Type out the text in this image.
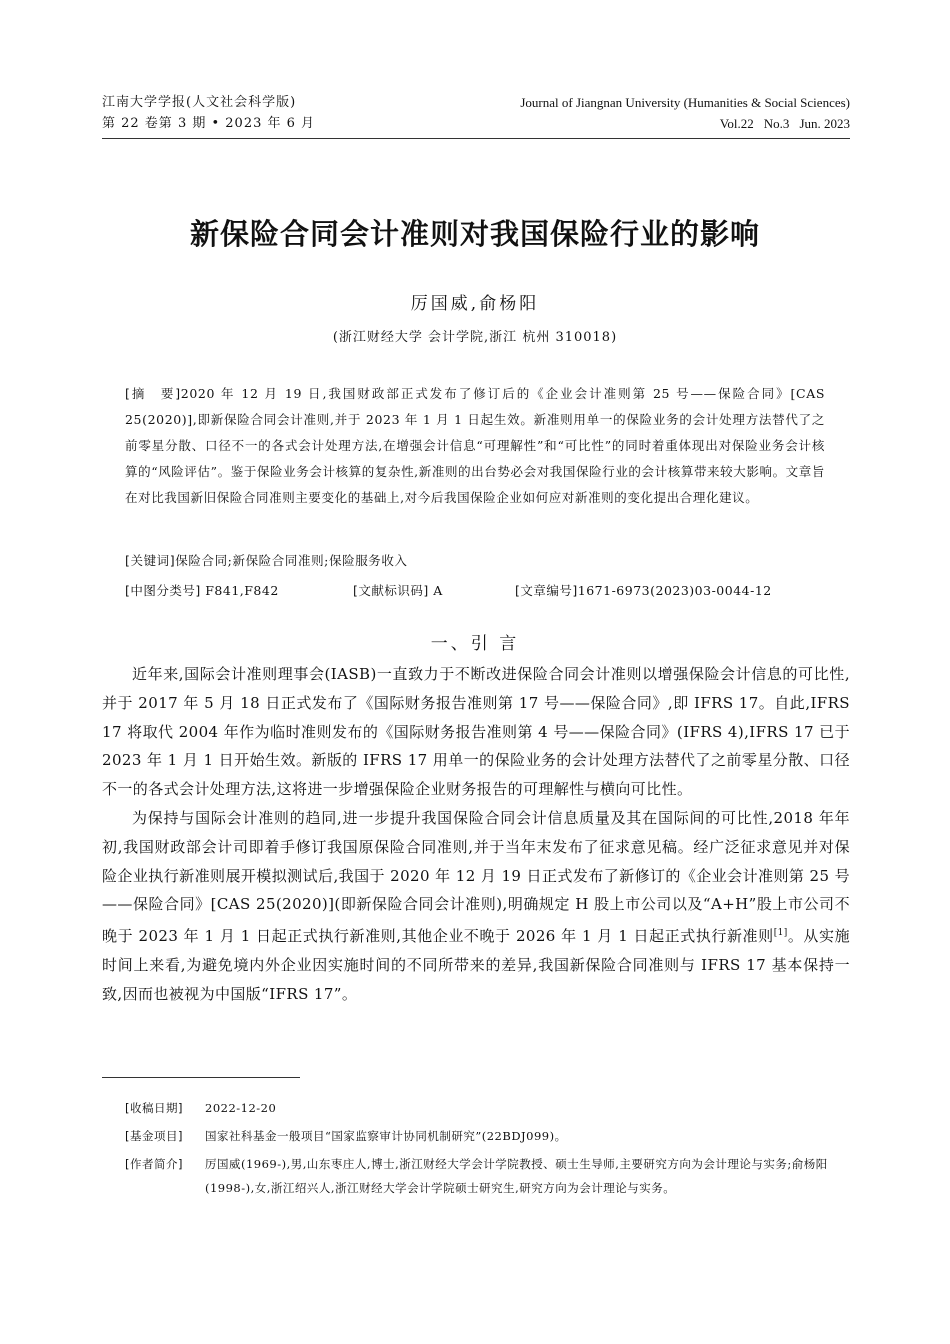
江南大学学报(人文社会科学版)
第 22 卷第 3 期 • 2023 年 6 月
Journal of Jiangnan University (Humanities & Social Sciences)
Vol.22 No.3 Jun. 2023
新保险合同会计准则对我国保险行业的影响
厉国威,俞杨阳
(浙江财经大学 会计学院,浙江 杭州 310018)
[摘　要]2020 年 12 月 19 日,我国财政部正式发布了修订后的《企业会计准则第 25 号——保险合同》[CAS 25(2020)],即新保险合同会计准则,并于 2023 年 1 月 1 日起生效。新准则用单一的保险业务的会计处理方法替代了之前零星分散、口径不一的各式会计处理方法,在增强会计信息“可理解性”和“可比性”的同时着重体现出对保险业务会计核算的“风险评估”。鉴于保险业务会计核算的复杂性,新准则的出台势必会对我国保险行业的会计核算带来较大影响。文章旨在对比我国新旧保险合同准则主要变化的基础上,对今后我国保险企业如何应对新准则的变化提出合理化建议。
[关键词]保险合同;新保险合同准则;保险服务收入
[中图分类号] F841,F842	[文献标识码] A	[文章编号]1671-6973(2023)03-0044-12
一、引 言

近年来,国际会计准则理事会(IASB)一直致力于不断改进保险合同会计准则以增强保险会计信息的可比性,并于 2017 年 5 月 18 日正式发布了《国际财务报告准则第 17 号——保险合同》,即 IFRS 17。自此,IFRS 17 将取代 2004 年作为临时准则发布的《国际财务报告准则第 4 号——保险合同》(IFRS 4),IFRS 17 已于 2023 年 1 月 1 日开始生效。新版的 IFRS 17 用单一的保险业务的会计处理方法替代了之前零星分散、口径不一的各式会计处理方法,这将进一步增强保险企业财务报告的可理解性与横向可比性。

为保持与国际会计准则的趋同,进一步提升我国保险合同会计信息质量及其在国际间的可比性,2018 年年初,我国财政部会计司即着手修订我国原保险合同准则,并于当年末发布了征求意见稿。经广泛征求意见并对保险企业执行新准则展开模拟测试后,我国于 2020 年 12 月 19 日正式发布了新修订的《企业会计准则第 25 号——保险合同》[CAS 25(2020)](即新保险合同会计准则),明确规定 H 股上市公司以及“A+H”股上市公司不晚于 2023 年 1 月 1 日起正式执行新准则,其他企业不晚于 2026 年 1 月 1 日起正式执行新准则[1]。从实施时间上来看,为避免境内外企业因实施时间的不同所带来的差异,我国新保险合同准则与 IFRS 17 基本保持一致,因而也被视为中国版“IFRS 17”。

[收稿日期] 2022-12-20
[基金项目] 国家社科基金一般项目“国家监察审计协同机制研究”(22BDJ099)。
[作者简介] 厉国威(1969-),男,山东枣庄人,博士,浙江财经大学会计学院教授、硕士生导师,主要研究方向为会计理论与实务;俞杨阳(1998-),女,浙江绍兴人,浙江财经大学会计学院硕士研究生,研究方向为会计理论与实务。
